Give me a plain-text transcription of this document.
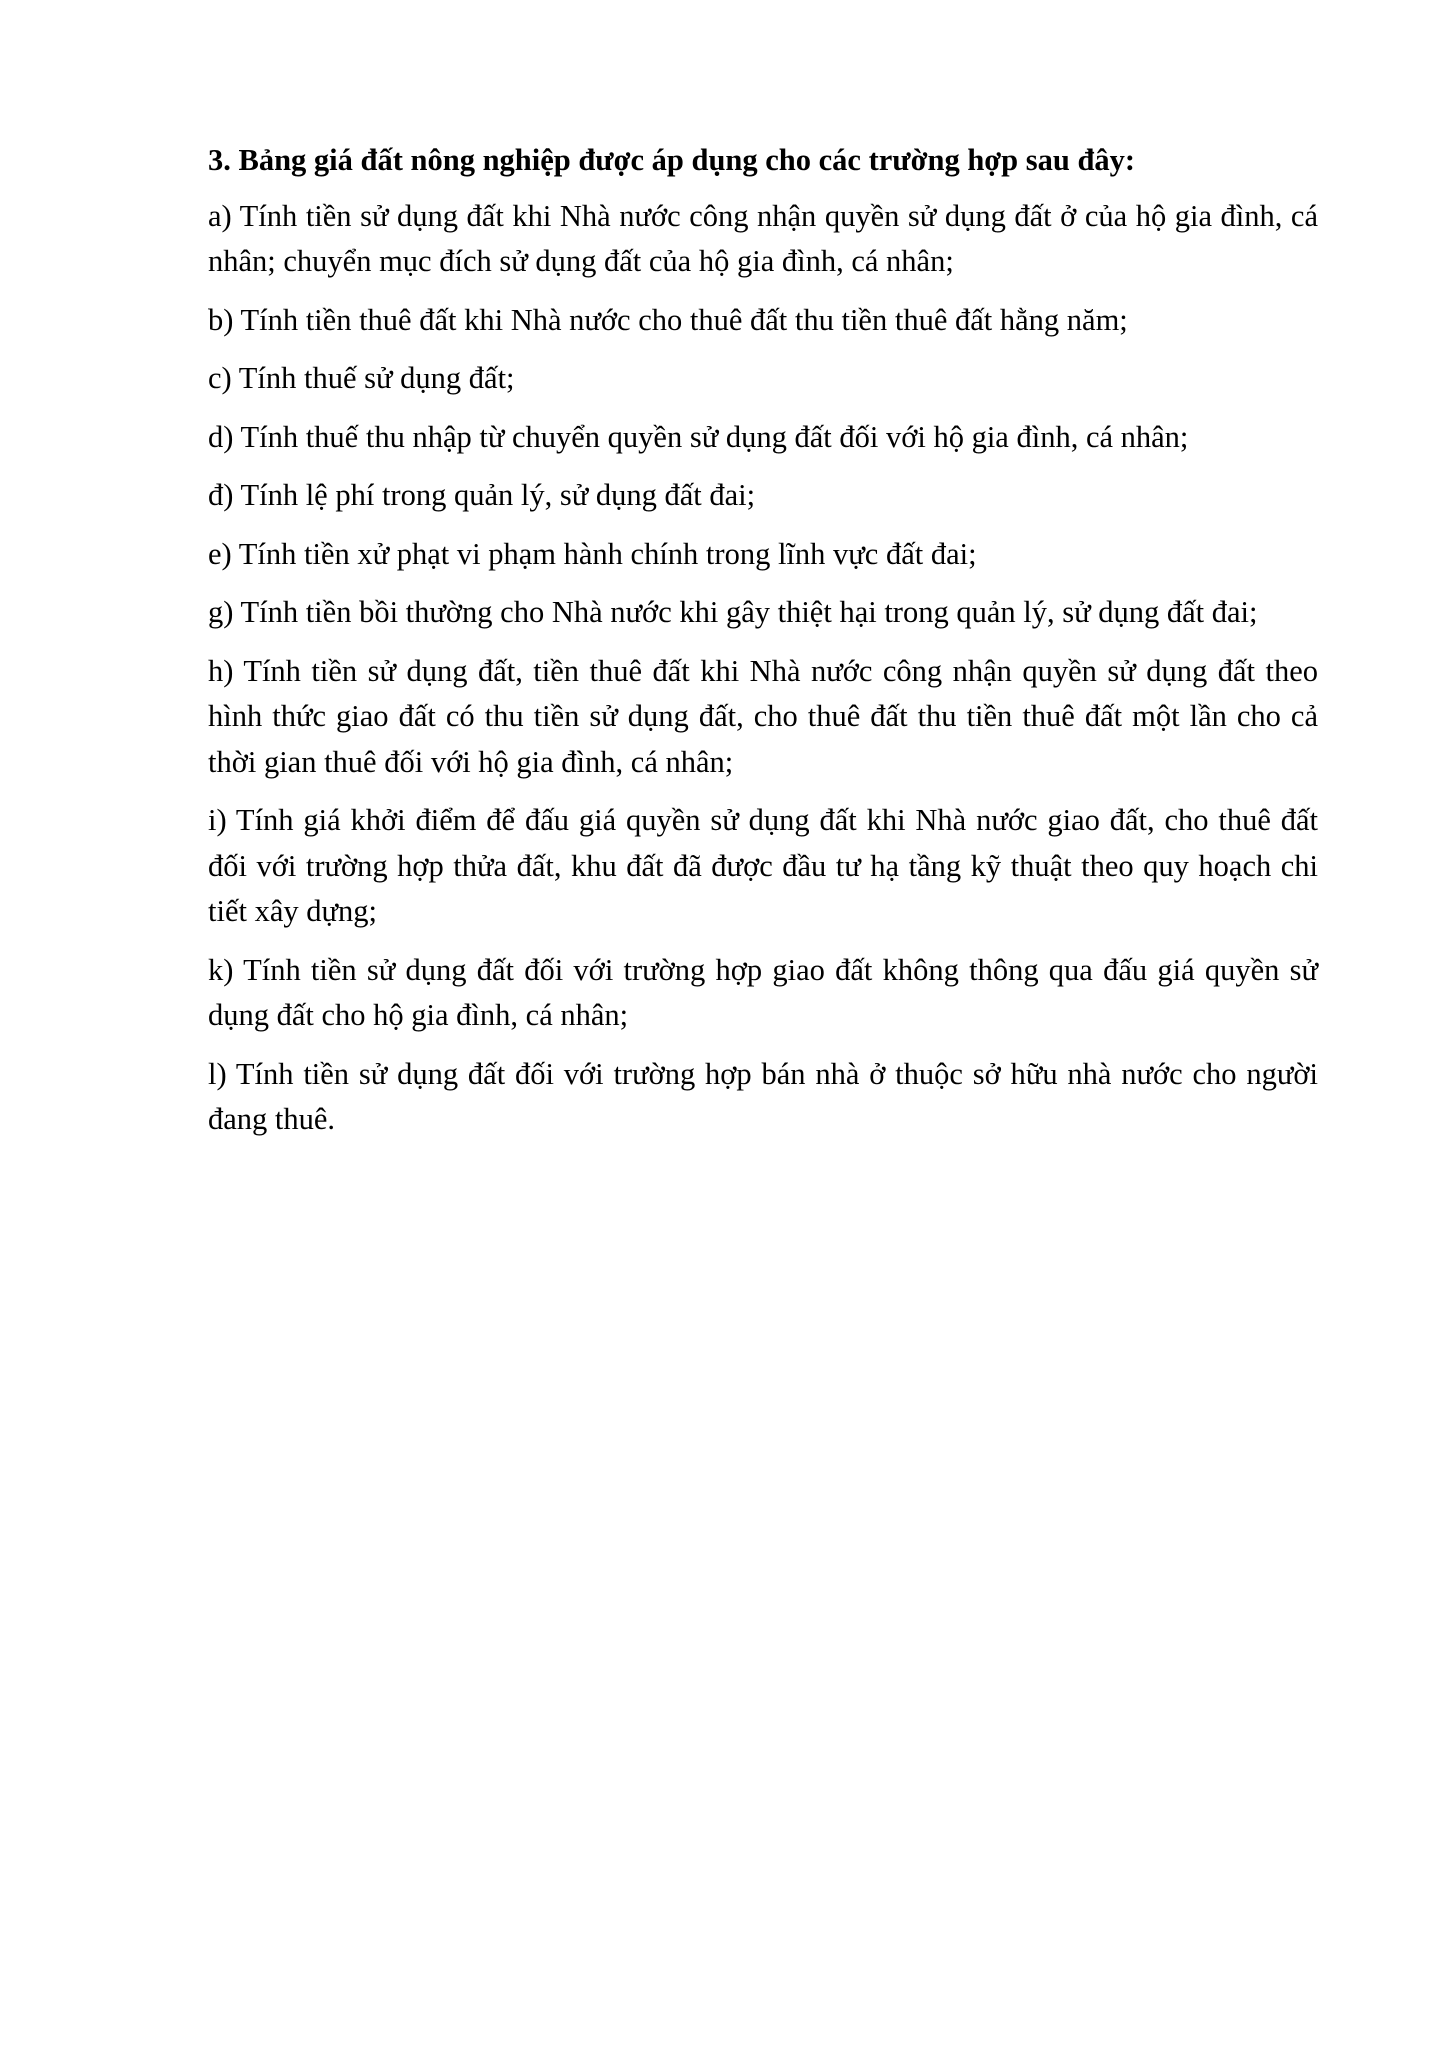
3. Bảng giá đất nông nghiệp được áp dụng cho các trường hợp sau đây:

a) Tính tiền sử dụng đất khi Nhà nước công nhận quyền sử dụng đất ở của hộ gia đình, cá nhân; chuyển mục đích sử dụng đất của hộ gia đình, cá nhân;

b) Tính tiền thuê đất khi Nhà nước cho thuê đất thu tiền thuê đất hằng năm;

c) Tính thuế sử dụng đất;

d) Tính thuế thu nhập từ chuyển quyền sử dụng đất đối với hộ gia đình, cá nhân;

đ) Tính lệ phí trong quản lý, sử dụng đất đai;

e) Tính tiền xử phạt vi phạm hành chính trong lĩnh vực đất đai;

g) Tính tiền bồi thường cho Nhà nước khi gây thiệt hại trong quản lý, sử dụng đất đai;

h) Tính tiền sử dụng đất, tiền thuê đất khi Nhà nước công nhận quyền sử dụng đất theo hình thức giao đất có thu tiền sử dụng đất, cho thuê đất thu tiền thuê đất một lần cho cả thời gian thuê đối với hộ gia đình, cá nhân;

i) Tính giá khởi điểm để đấu giá quyền sử dụng đất khi Nhà nước giao đất, cho thuê đất đối với trường hợp thửa đất, khu đất đã được đầu tư hạ tầng kỹ thuật theo quy hoạch chi tiết xây dựng;

k) Tính tiền sử dụng đất đối với trường hợp giao đất không thông qua đấu giá quyền sử dụng đất cho hộ gia đình, cá nhân;

l) Tính tiền sử dụng đất đối với trường hợp bán nhà ở thuộc sở hữu nhà nước cho người đang thuê.
